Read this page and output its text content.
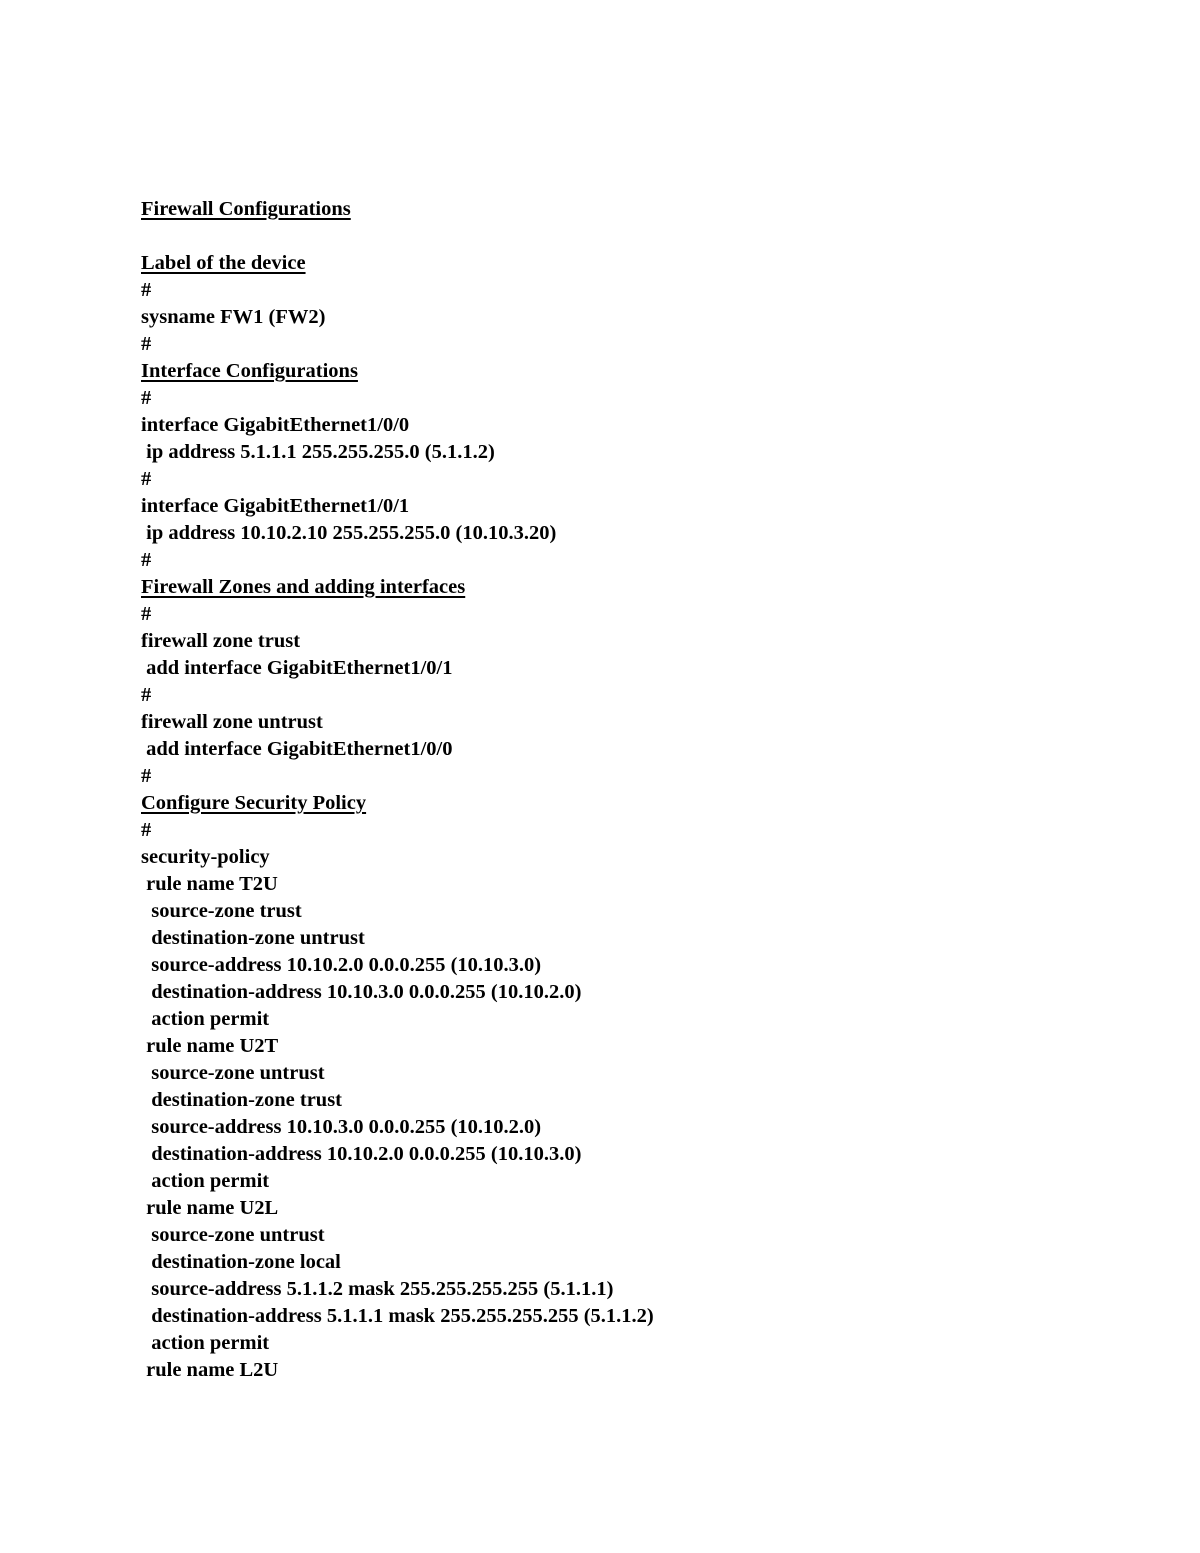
Firewall Configurations
Label of the device
#
sysname FW1 (FW2)
#
Interface Configurations
#
interface GigabitEthernet1/0/0
ip address 5.1.1.1 255.255.255.0 (5.1.1.2)
#
interface GigabitEthernet1/0/1
ip address 10.10.2.10 255.255.255.0 (10.10.3.20)
#
Firewall Zones and adding interfaces
#
firewall zone trust
add interface GigabitEthernet1/0/1
#
firewall zone untrust
add interface GigabitEthernet1/0/0
#
Configure Security Policy
#
security-policy
rule name T2U
source-zone trust
destination-zone untrust
source-address 10.10.2.0 0.0.0.255 (10.10.3.0)
destination-address 10.10.3.0 0.0.0.255 (10.10.2.0)
action permit
rule name U2T
source-zone untrust
destination-zone trust
source-address 10.10.3.0 0.0.0.255 (10.10.2.0)
destination-address 10.10.2.0 0.0.0.255 (10.10.3.0)
action permit
rule name U2L
source-zone untrust
destination-zone local
source-address 5.1.1.2 mask 255.255.255.255 (5.1.1.1)
destination-address 5.1.1.1 mask 255.255.255.255 (5.1.1.2)
action permit
rule name L2U
